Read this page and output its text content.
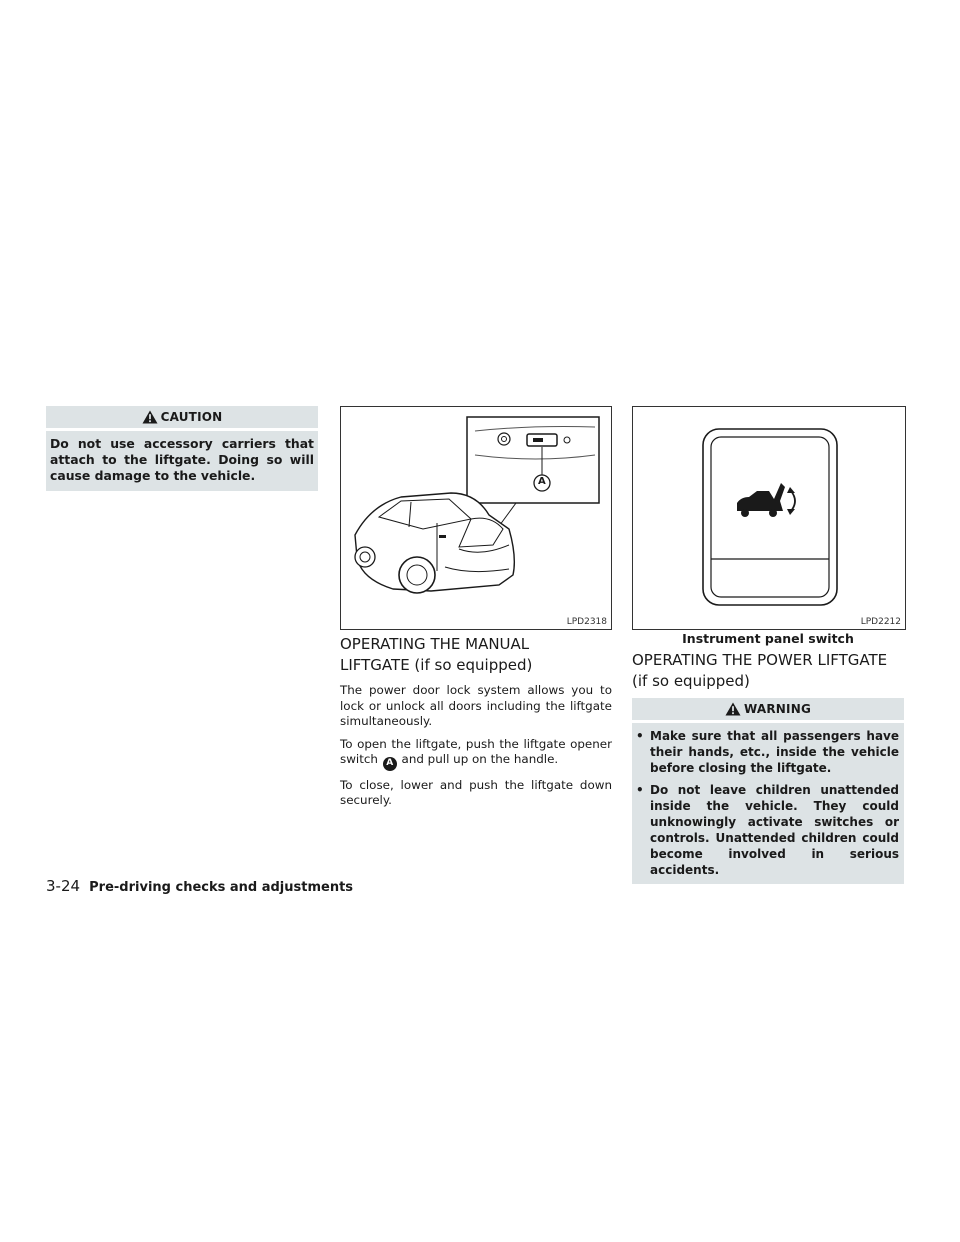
CAUTION
Do not use accessory carriers that attach to the liftgate. Doing so will cause damage to the vehicle.	A
LPD2318	LPD2212
Instrument panel switch
OPERATING THE MANUAL
LIFTGATE (if so equipped)

The power door lock system allows you to lock or unlock all doors including the liftgate simultaneously.

To open the liftgate, push the liftgate opener switch A and pull up on the handle.

To close, lower and push the liftgate down securely.

OPERATING THE POWER LIFTGATE
(if so equipped)
WARNING
• Make sure that all passengers have their hands, etc., inside the vehicle before closing the liftgate.
• Do not leave children unattended inside the vehicle. They could unknowingly activate switches or controls. Unattended children could become involved in serious accidents.
3-24 Pre-driving checks and adjustments
